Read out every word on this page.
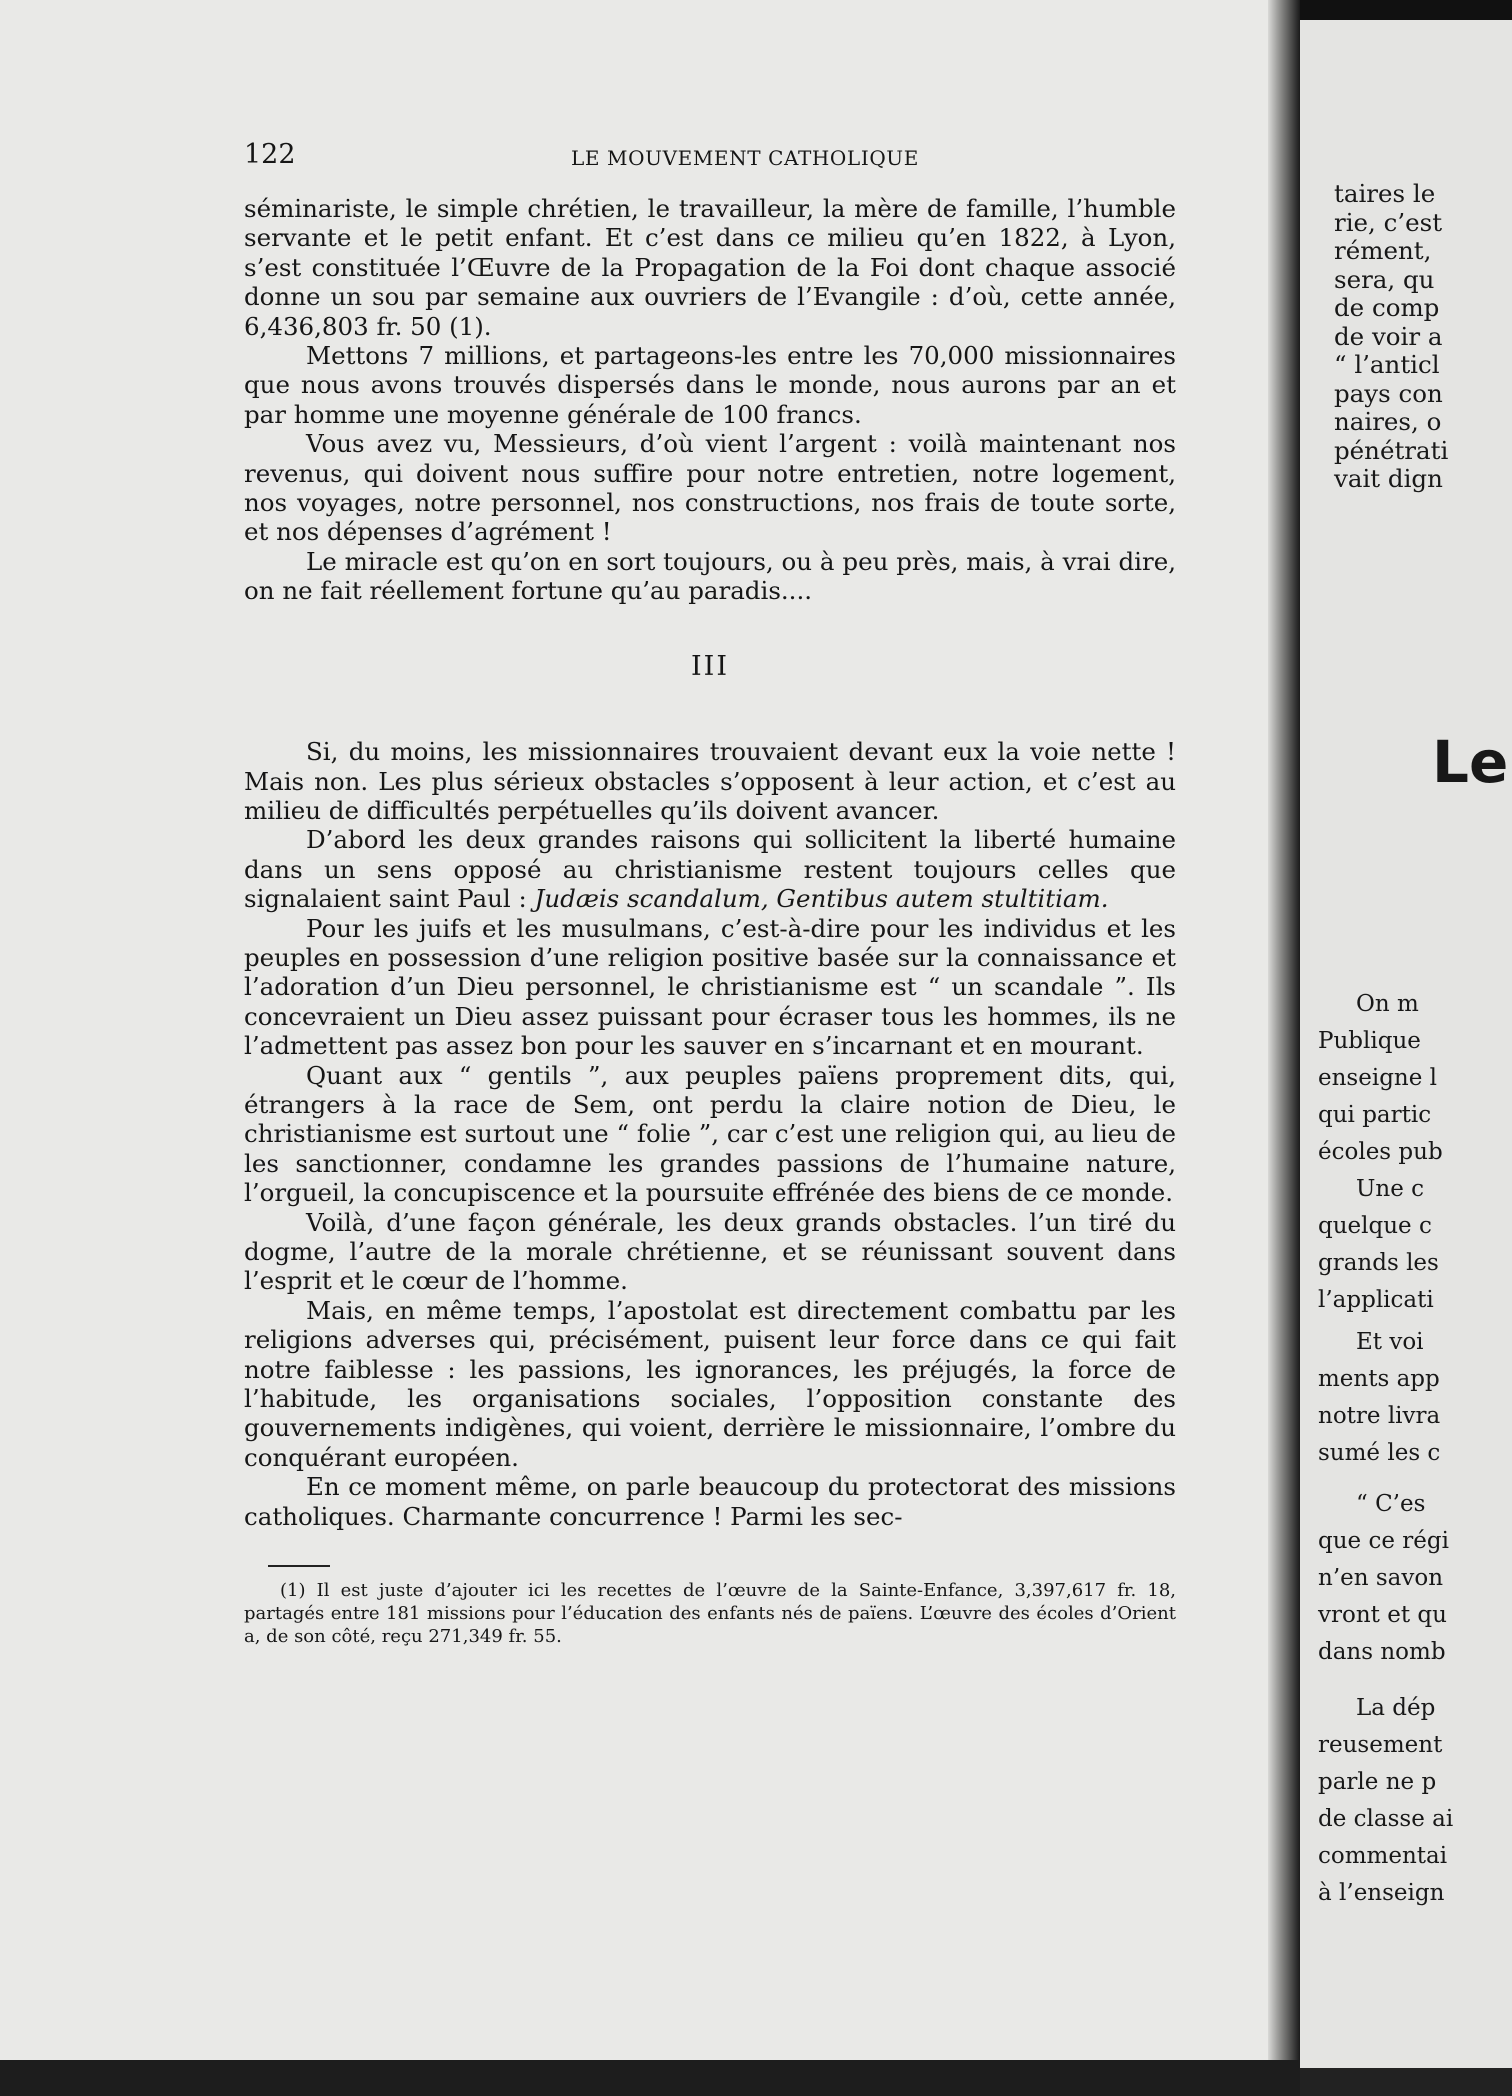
122	LE MOUVEMENT CATHOLIQUE

séminariste, le simple chrétien, le travailleur, la mère de famille, l’humble servante et le petit enfant. Et c’est dans ce milieu qu’en 1822, à Lyon, s’est constituée l’Œuvre de la Propagation de la Foi dont chaque associé donne un sou par semaine aux ouvriers de l’Evangile : d’où, cette année, 6,436,803 fr. 50 (1).

Mettons 7 millions, et partageons-les entre les 70,000 missionnaires que nous avons trouvés dispersés dans le monde, nous aurons par an et par homme une moyenne générale de 100 francs.

Vous avez vu, Messieurs, d’où vient l’argent : voilà maintenant nos revenus, qui doivent nous suffire pour notre entretien, notre logement, nos voyages, notre personnel, nos constructions, nos frais de toute sorte, et nos dépenses d’agrément !

Le miracle est qu’on en sort toujours, ou à peu près, mais, à vrai dire, on ne fait réellement fortune qu’au paradis....

III

Si, du moins, les missionnaires trouvaient devant eux la voie nette ! Mais non. Les plus sérieux obstacles s’opposent à leur action, et c’est au milieu de difficultés perpétuelles qu’ils doivent avancer.

D’abord les deux grandes raisons qui sollicitent la liberté humaine dans un sens opposé au christianisme restent toujours celles que signalaient saint Paul : Judæis scandalum, Gentibus autem stultitiam.

Pour les juifs et les musulmans, c’est-à-dire pour les individus et les peuples en possession d’une religion positive basée sur la connaissance et l’adoration d’un Dieu personnel, le christianisme est “ un scandale ”. Ils concevraient un Dieu assez puissant pour écraser tous les hommes, ils ne l’admettent pas assez bon pour les sauver en s’incarnant et en mourant.

Quant aux “ gentils ”, aux peuples païens proprement dits, qui, étrangers à la race de Sem, ont perdu la claire notion de Dieu, le christianisme est surtout une “ folie ”, car c’est une religion qui, au lieu de les sanctionner, condamne les grandes passions de l’humaine nature, l’orgueil, la concupiscence et la poursuite effrénée des biens de ce monde.

Voilà, d’une façon générale, les deux grands obstacles. l’un tiré du dogme, l’autre de la morale chrétienne, et se réunissant souvent dans l’esprit et le cœur de l’homme.

Mais, en même temps, l’apostolat est directement combattu par les religions adverses qui, précisément, puisent leur force dans ce qui fait notre faiblesse : les passions, les ignorances, les préjugés, la force de l’habitude, les organisations sociales, l’opposition constante des gouvernements indigènes, qui voient, derrière le missionnaire, l’ombre du conquérant européen.

En ce moment même, on parle beaucoup du protectorat des missions catholiques. Charmante concurrence ! Parmi les sec-

(1) Il est juste d’ajouter ici les recettes de l’œuvre de la Sainte-Enfance, 3,397,617 fr. 18, partagés entre 181 missions pour l’éducation des enfants nés de païens. L’œuvre des écoles d’Orient a, de son côté, reçu 271,349 fr. 55.

taires le
rie, c’est
rément,
sera, qu
de comp
de voir a
“ l’anticl
pays con
naires, o
pénétrati
vait dign
Le
On m
Publique
enseigne l
qui partic
écoles pub
Une c
quelque c
grands les
l’applicati
Et voi
ments app
notre livra
sumé les c
“ C’es
que ce régi
n’en savon
vront et qu
dans nomb
La dép
reusement
parle ne p
de classe ai
commentai
à l’enseign
